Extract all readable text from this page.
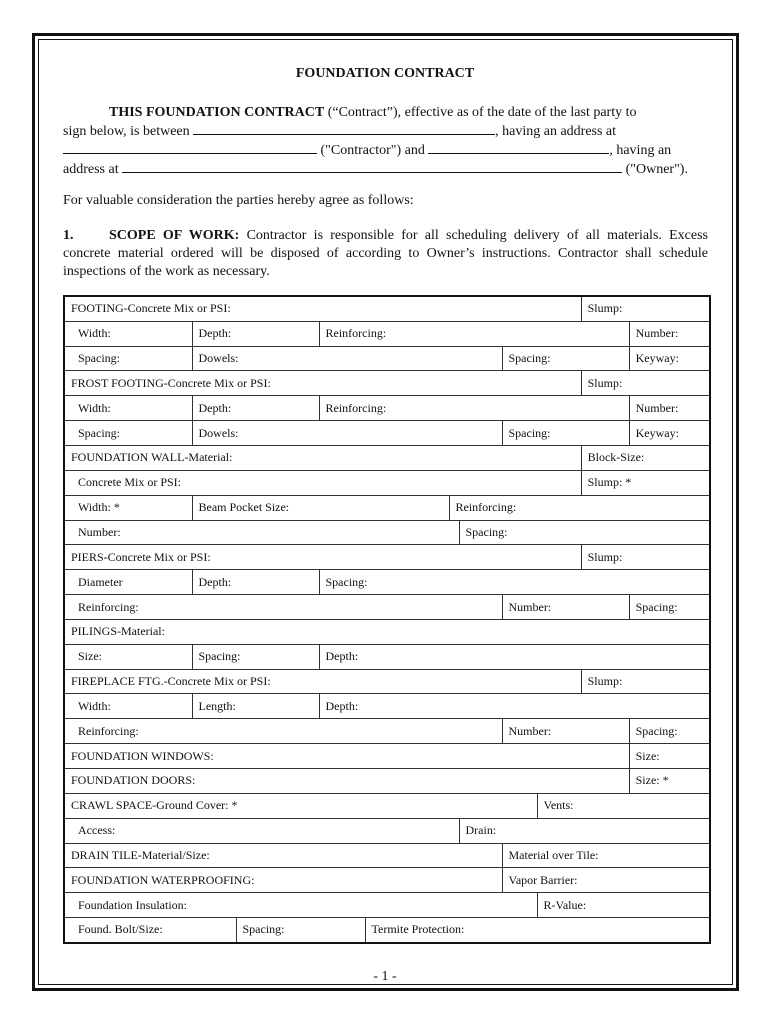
FOUNDATION CONTRACT
THIS FOUNDATION CONTRACT (“Contract”), effective as of the date of the last party to
sign below, is between	, having an address at
("Contractor") and	, having an
address at	("Owner").
For valuable consideration the parties hereby agree as follows:
1.	SCOPE OF WORK: Contractor is responsible for all scheduling delivery of all materials. Excess concrete material ordered will be disposed of according to Owner’s instructions. Contractor shall schedule inspections of the work as necessary.
FOOTING-Concrete Mix or PSI:									Slump:	
Width:	Depth:		Reinforcing:							Number:
Spacing:	Dowels:						Spacing:			Keyway:
FROST FOOTING-Concrete Mix or PSI:									Slump:	
Width:	Depth:		Reinforcing:							Number:
Spacing:	Dowels:						Spacing:			Keyway:
FOUNDATION WALL-Material:									Block-Size:	
Concrete Mix or PSI:									Slump: *	
Width: *	Beam Pocket Size:				Reinforcing:					
Number:						Spacing:				
PIERS-Concrete Mix or PSI:									Slump:	
Diameter	Depth:		Spacing:							
Reinforcing:							Number:			Spacing:
PILINGS-Material:										
Size:	Spacing:		Depth:							
FIREPLACE FTG.-Concrete Mix or PSI:									Slump:	
Width:	Length:		Depth:							
Reinforcing:							Number:			Spacing:
FOUNDATION WINDOWS:										Size:
FOUNDATION DOORS:										Size: *
CRAWL SPACE-Ground Cover: *								Vents:		
Access:						Drain:				
DRAIN TILE-Material/Size:							Material over Tile:			
FOUNDATION WATERPROOFING:							Vapor Barrier:			
Foundation Insulation:								R-Value:		
Found. Bolt/Size:		Spacing:		Termite Protection:						
- 1 -
